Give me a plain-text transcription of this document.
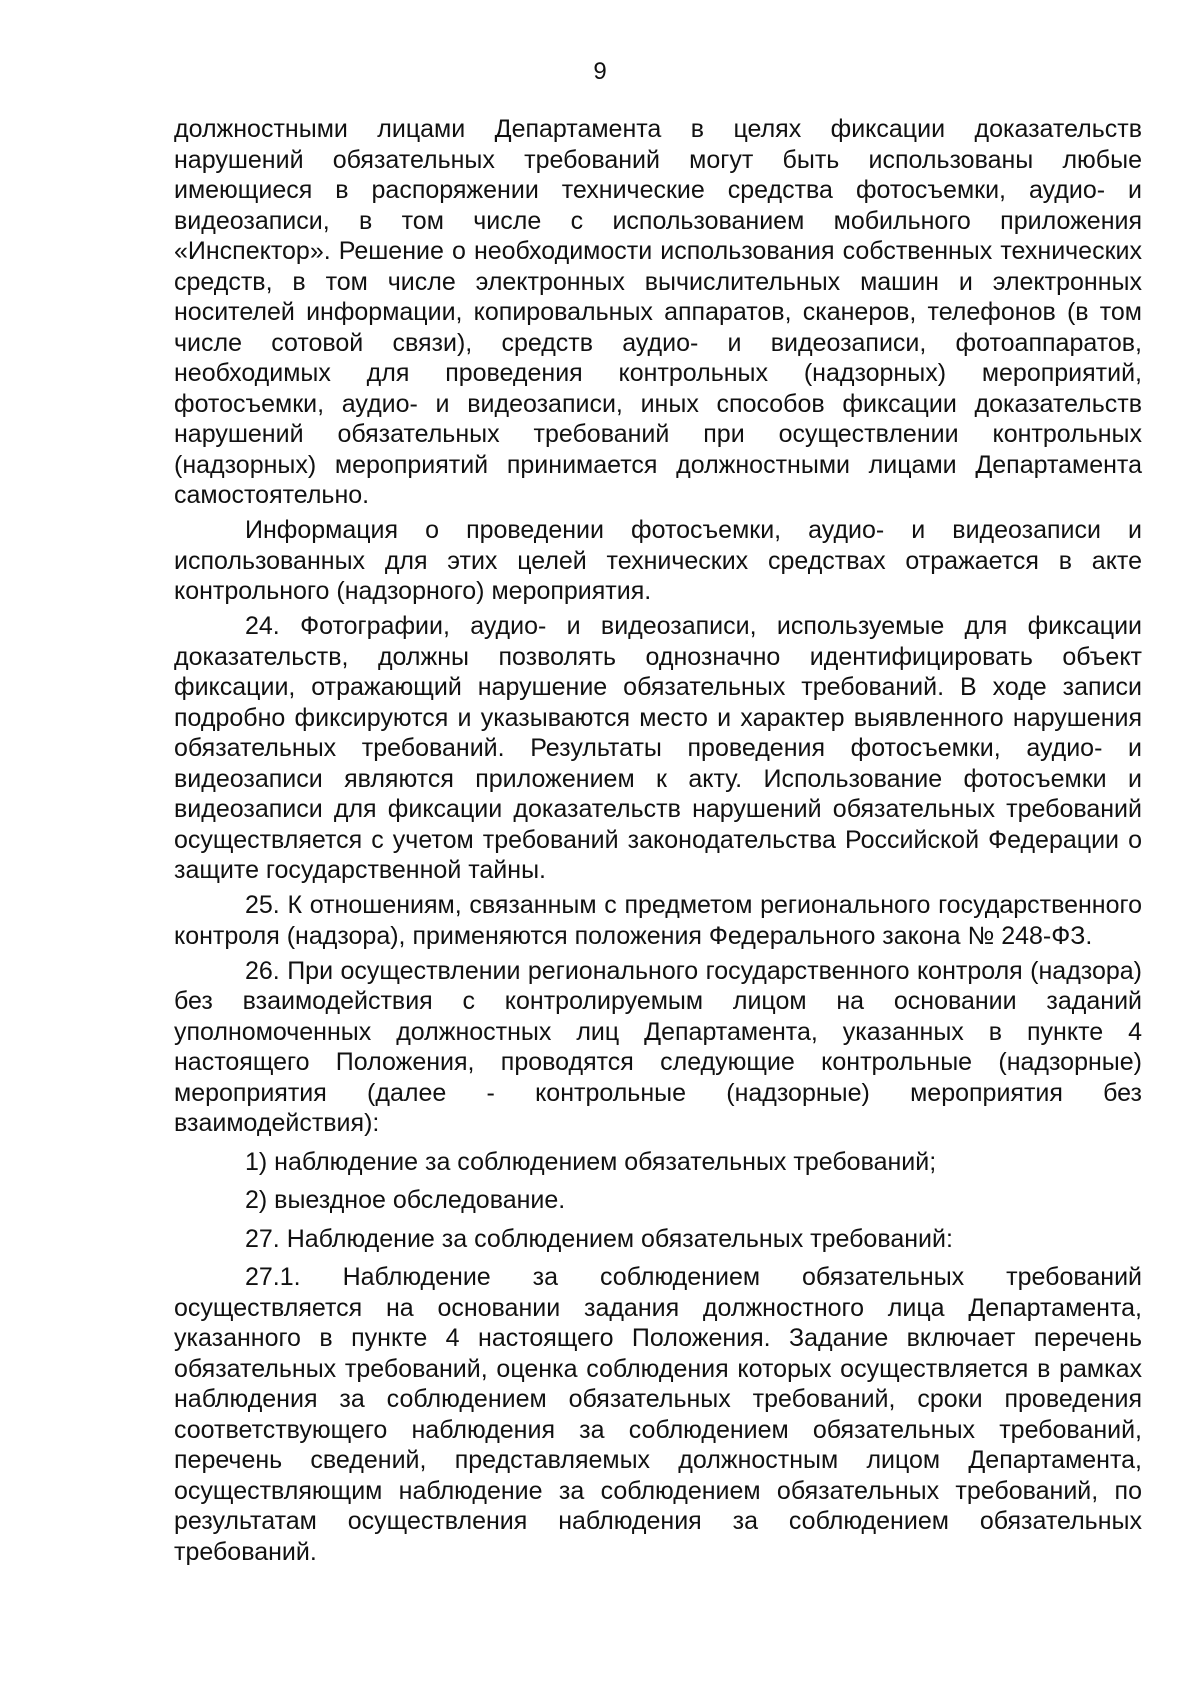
9

должностными лицами Департамента в целях фиксации доказательств нарушений обязательных требований могут быть использованы любые имеющиеся в распоряжении технические средства фотосъемки, аудио- и видеозаписи, в том числе с использованием мобильного приложения «Инспектор». Решение о необходимости использования собственных технических средств, в том числе электронных вычислительных машин и электронных носителей информации, копировальных аппаратов, сканеров, телефонов (в том числе сотовой связи), средств аудио- и видеозаписи, фотоаппаратов, необходимых для проведения контрольных (надзорных) мероприятий, фотосъемки, аудио- и видеозаписи, иных способов фиксации доказательств нарушений обязательных требований при осуществлении контрольных (надзорных) мероприятий принимается должностными лицами Департамента самостоятельно.

Информация о проведении фотосъемки, аудио- и видеозаписи и использованных для этих целей технических средствах отражается в акте контрольного (надзорного) мероприятия.

24. Фотографии, аудио- и видеозаписи, используемые для фиксации доказательств, должны позволять однозначно идентифицировать объект фиксации, отражающий нарушение обязательных требований. В ходе записи подробно фиксируются и указываются место и характер выявленного нарушения обязательных требований. Результаты проведения фотосъемки, аудио- и видеозаписи являются приложением к акту. Использование фотосъемки и видеозаписи для фиксации доказательств нарушений обязательных требований осуществляется с учетом требований законодательства Российской Федерации о защите государственной тайны.

25. К отношениям, связанным с предметом регионального государственного контроля (надзора), применяются положения Федерального закона № 248-ФЗ.

26. При осуществлении регионального государственного контроля (надзора) без взаимодействия с контролируемым лицом на основании заданий уполномоченных должностных лиц Департамента, указанных в пункте 4 настоящего Положения, проводятся следующие контрольные (надзорные) мероприятия (далее - контрольные (надзорные) мероприятия без взаимодействия):

1) наблюдение за соблюдением обязательных требований;

2) выездное обследование.

27. Наблюдение за соблюдением обязательных требований:

27.1. Наблюдение за соблюдением обязательных требований осуществляется на основании задания должностного лица Департамента, указанного в пункте 4 настоящего Положения. Задание включает перечень обязательных требований, оценка соблюдения которых осуществляется в рамках наблюдения за соблюдением обязательных требований, сроки проведения соответствующего наблюдения за соблюдением обязательных требований, перечень сведений, представляемых должностным лицом Департамента, осуществляющим наблюдение за соблюдением обязательных требований, по результатам осуществления наблюдения за соблюдением обязательных требований.
